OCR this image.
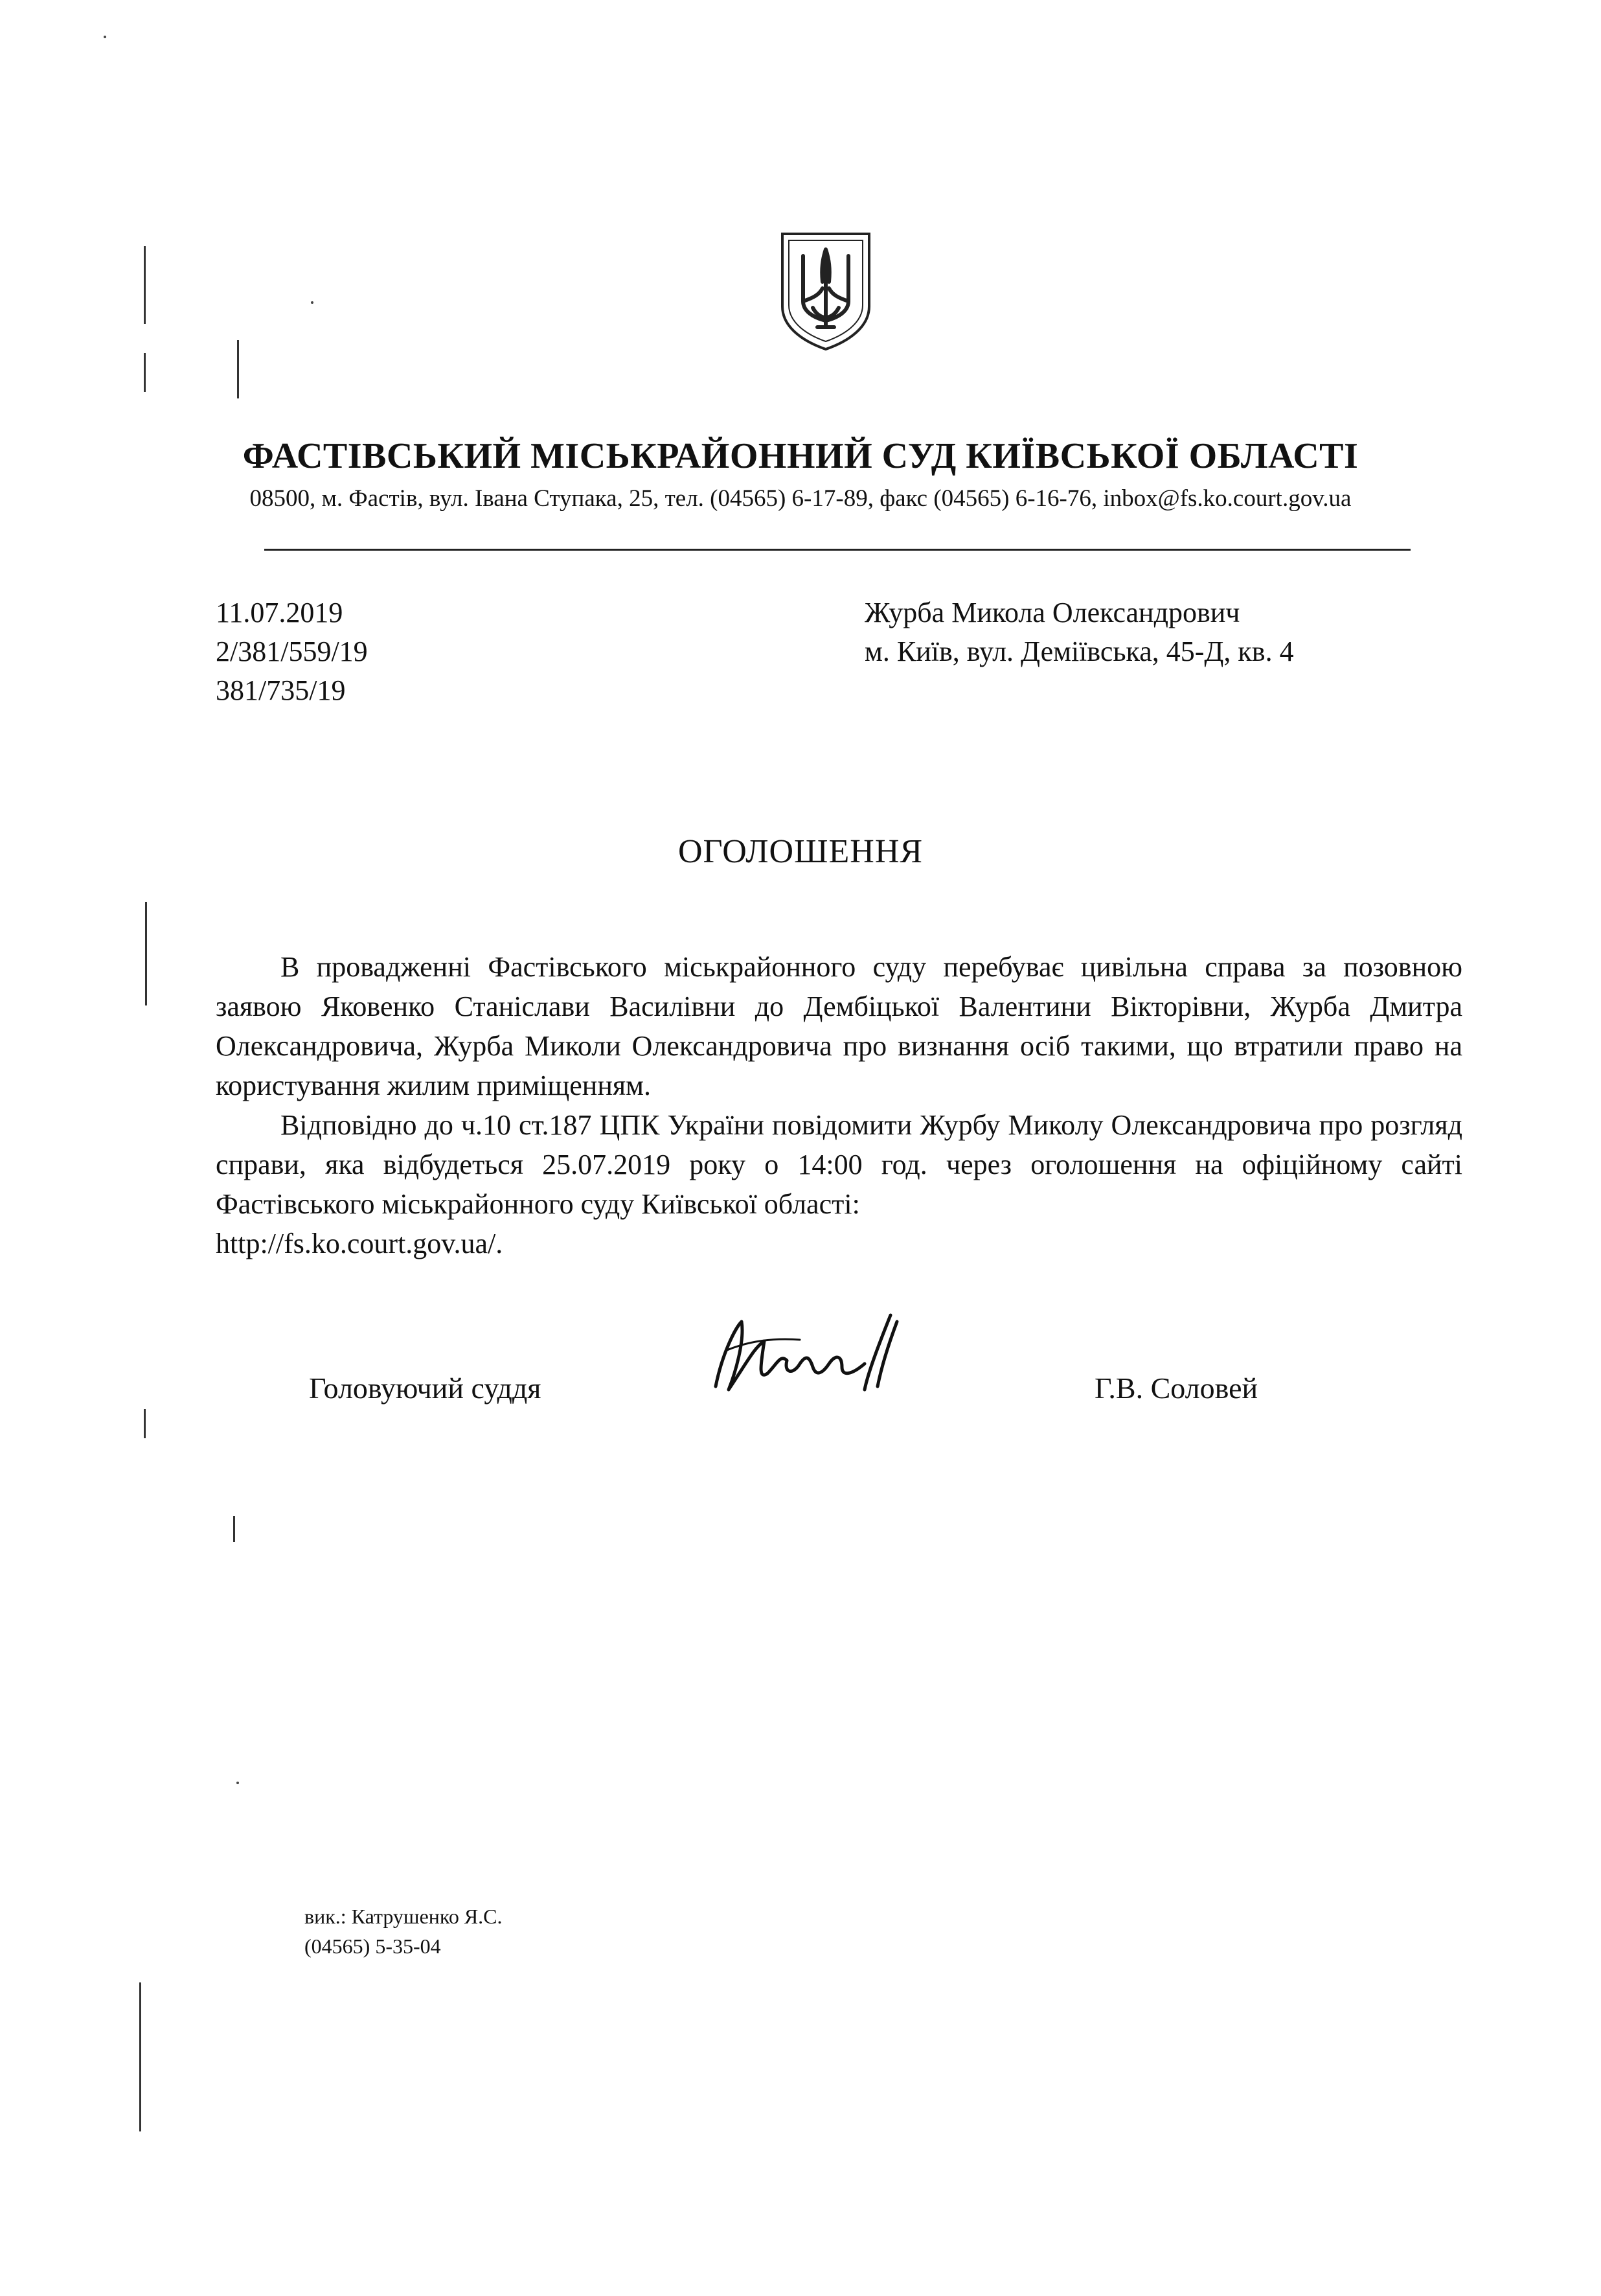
ФАСТІВСЬКИЙ МІСЬКРАЙОННИЙ СУД КИЇВСЬКОЇ ОБЛАСТІ
08500, м. Фастів, вул. Івана Ступака, 25, тел. (04565) 6-17-89, факс (04565) 6-16-76, inbox@fs.ko.court.gov.ua
11.07.2019
2/381/559/19
381/735/19
Журба Микола Олександрович
м. Київ, вул. Деміївська, 45-Д, кв. 4
ОГОЛОШЕННЯ

В провадженні Фастівського міськрайонного суду перебуває цивільна справа за позовною заявою Яковенко Станіслави Василівни до Дембіцької Валентини Вікторівни, Журба Дмитра Олександровича, Журба Миколи Олександровича про визнання осіб такими, що втратили право на користування жилим приміщенням.

Відповідно до ч.10 ст.187 ЦПК України повідомити Журбу Миколу Олександровича про розгляд справи, яка відбудеться 25.07.2019 року о 14:00 год. через оголошення на офіційному сайті Фастівського міськрайонного суду Київської області:
http://fs.ko.court.gov.ua/.

Головуючий суддя	Г.В. Соловей
вик.: Катрушенко Я.С.
(04565) 5-35-04
